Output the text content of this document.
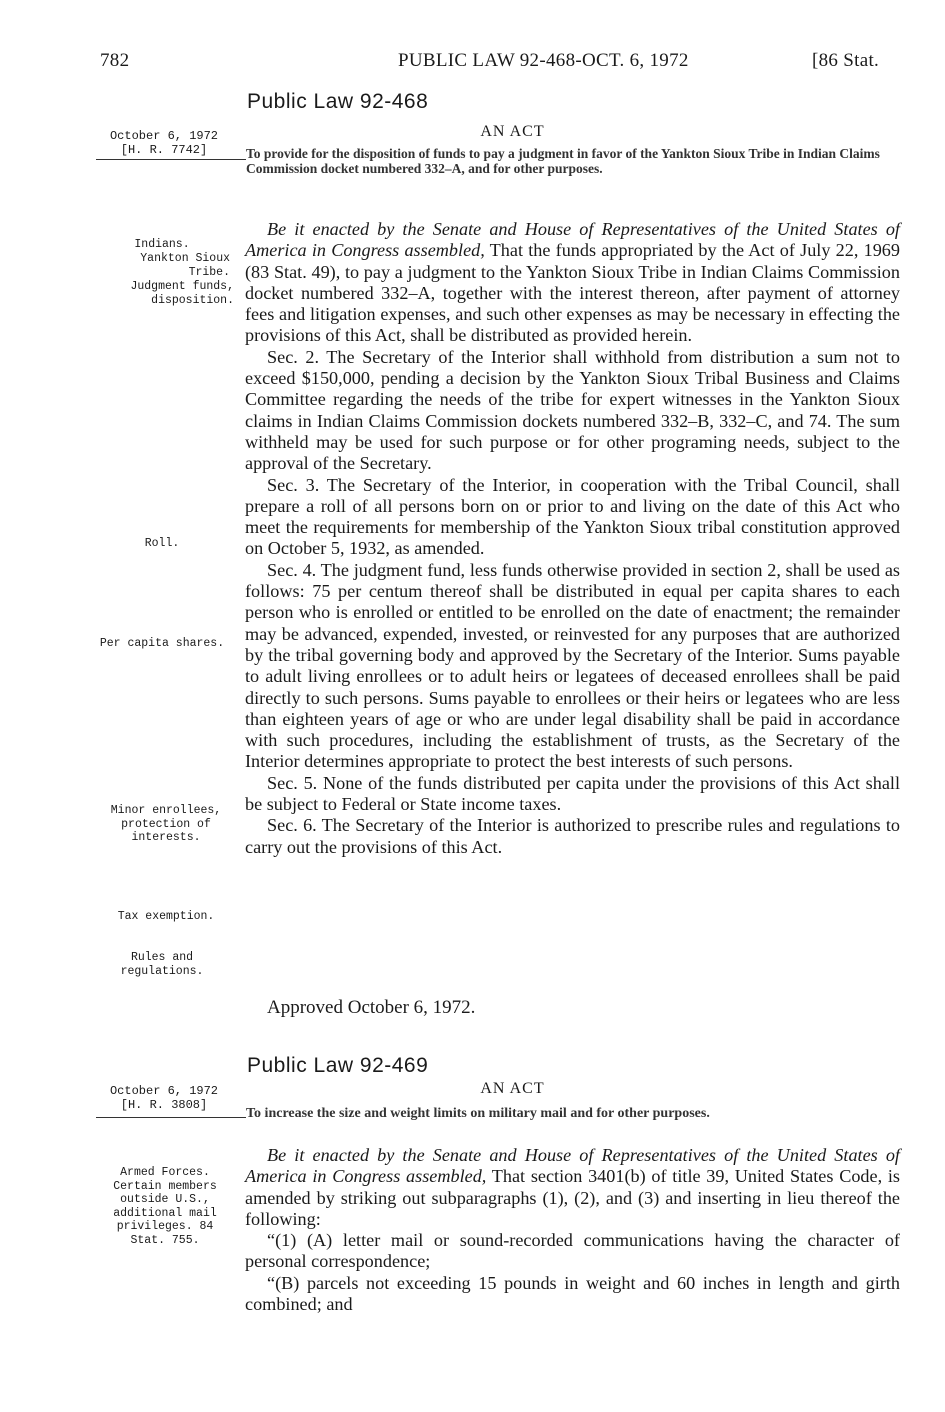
782	PUBLIC LAW 92-468-OCT. 6, 1972	[86 Stat.
Public Law 92-468
October 6, 1972
[H. R. 7742]
AN ACT
To provide for the disposition of funds to pay a judgment in favor of the Yankton Sioux Tribe in Indian Claims Commission docket numbered 332–A, and for other purposes.
Indians.
Yankton Sioux Tribe.
Judgment funds, disposition.
Roll.
Per capita shares.
Minor enrollees, protection of interests.
Tax exemption.
Rules and regulations.

Be it enacted by the Senate and House of Representatives of the United States of America in Congress assembled, That the funds appropriated by the Act of July 22, 1969 (83 Stat. 49), to pay a judgment to the Yankton Sioux Tribe in Indian Claims Commission docket numbered 332–A, together with the interest thereon, after payment of attorney fees and litigation expenses, and such other expenses as may be necessary in effecting the provisions of this Act, shall be distributed as provided herein.

Sec. 2. The Secretary of the Interior shall withhold from distribution a sum not to exceed $150,000, pending a decision by the Yankton Sioux Tribal Business and Claims Committee regarding the needs of the tribe for expert witnesses in the Yankton Sioux claims in Indian Claims Commission dockets numbered 332–B, 332–C, and 74. The sum withheld may be used for such purpose or for other programing needs, subject to the approval of the Secretary.

Sec. 3. The Secretary of the Interior, in cooperation with the Tribal Council, shall prepare a roll of all persons born on or prior to and living on the date of this Act who meet the requirements for membership of the Yankton Sioux tribal constitution approved on October 5, 1932, as amended.

Sec. 4. The judgment fund, less funds otherwise provided in section 2, shall be used as follows: 75 per centum thereof shall be distributed in equal per capita shares to each person who is enrolled or entitled to be enrolled on the date of enactment; the remainder may be advanced, expended, invested, or reinvested for any purposes that are authorized by the tribal governing body and approved by the Secretary of the Interior. Sums payable to adult living enrollees or to adult heirs or legatees of deceased enrollees shall be paid directly to such persons. Sums payable to enrollees or their heirs or legatees who are less than eighteen years of age or who are under legal disability shall be paid in accordance with such procedures, including the establishment of trusts, as the Secretary of the Interior determines appropriate to protect the best interests of such persons.

Sec. 5. None of the funds distributed per capita under the provisions of this Act shall be subject to Federal or State income taxes.

Sec. 6. The Secretary of the Interior is authorized to prescribe rules and regulations to carry out the provisions of this Act.

Approved October 6, 1972.
Public Law 92-469
October 6, 1972
[H. R. 3808]
AN ACT
To increase the size and weight limits on military mail and for other purposes.
Armed Forces. Certain members outside U.S., additional mail privileges. 84 Stat. 755.

Be it enacted by the Senate and House of Representatives of the United States of America in Congress assembled, That section 3401(b) of title 39, United States Code, is amended by striking out subparagraphs (1), (2), and (3) and inserting in lieu thereof the following:

“(1) (A) letter mail or sound-recorded communications having the character of personal correspondence;

“(B) parcels not exceeding 15 pounds in weight and 60 inches in length and girth combined; and
